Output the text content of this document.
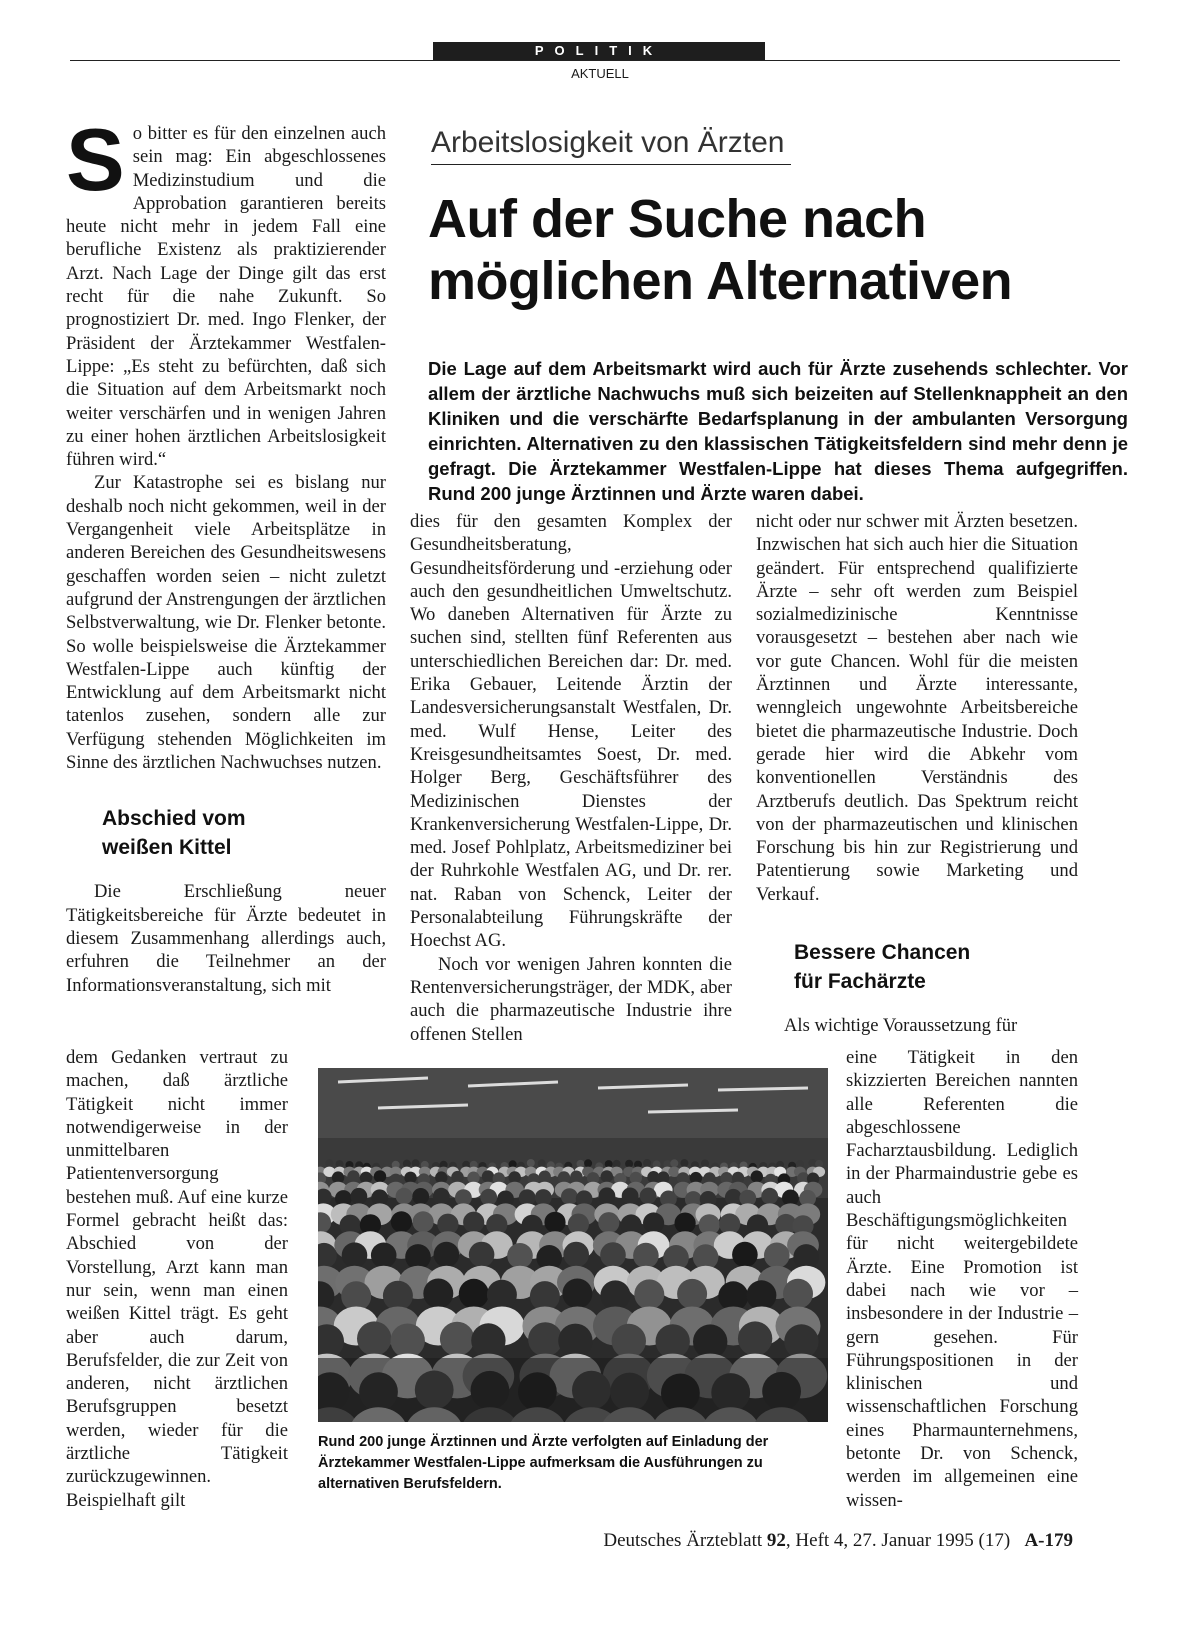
POLITIK
AKTUELL
Arbeitslosigkeit von Ärzten
Auf der Suche nach möglichen Alternativen
Die Lage auf dem Arbeitsmarkt wird auch für Ärzte zusehends schlechter. Vor allem der ärztliche Nachwuchs muß sich beizeiten auf Stellenknappheit an den Kliniken und die verschärfte Bedarfsplanung in der ambulanten Versorgung einrichten. Alternativen zu den klassischen Tätigkeitsfeldern sind mehr denn je gefragt. Die Ärztekammer Westfalen-Lippe hat dieses Thema aufgegriffen. Rund 200 junge Ärztinnen und Ärzte waren dabei.

So bitter es für den einzelnen auch sein mag: Ein abgeschlossenes Medizinstudium und die Approbation garantieren bereits heute nicht mehr in jedem Fall eine berufliche Existenz als praktizierender Arzt. Nach Lage der Dinge gilt das erst recht für die nahe Zukunft. So prognostiziert Dr. med. Ingo Flenker, der Präsident der Ärztekammer Westfalen-Lippe: „Es steht zu befürchten, daß sich die Situation auf dem Arbeitsmarkt noch weiter verschärfen und in wenigen Jahren zu einer hohen ärztlichen Arbeitslosigkeit führen wird.“

Zur Katastrophe sei es bislang nur deshalb noch nicht gekommen, weil in der Vergangenheit viele Arbeitsplätze in anderen Bereichen des Gesundheitswesens geschaffen worden seien – nicht zuletzt aufgrund der Anstrengungen der ärztlichen Selbstverwaltung, wie Dr. Flenker betonte. So wolle beispielsweise die Ärztekammer Westfalen-Lippe auch künftig der Entwicklung auf dem Arbeitsmarkt nicht tatenlos zusehen, sondern alle zur Verfügung stehenden Möglichkeiten im Sinne des ärztlichen Nachwuchses nutzen.

Abschied vom
weißen Kittel

Die Erschließung neuer Tätigkeitsbereiche für Ärzte bedeutet in diesem Zusammenhang allerdings auch, erfuhren die Teilnehmer an der Informationsveranstaltung, sich mit

dem Gedanken vertraut zu machen, daß ärztliche Tätigkeit nicht immer notwendigerweise in der unmittelbaren Patientenversorgung bestehen muß. Auf eine kurze Formel gebracht heißt das: Abschied von der Vorstellung, Arzt kann man nur sein, wenn man einen weißen Kittel trägt. Es geht aber auch darum, Berufsfelder, die zur Zeit von anderen, nicht ärztlichen Berufsgruppen besetzt werden, wieder für die ärztliche Tätigkeit zurückzugewinnen. Beispielhaft gilt

dies für den gesamten Komplex der Gesundheitsberatung, Gesundheitsförderung und -erziehung oder auch den gesundheitlichen Umweltschutz. Wo daneben Alternativen für Ärzte zu suchen sind, stellten fünf Referenten aus unterschiedlichen Bereichen dar: Dr. med. Erika Gebauer, Leitende Ärztin der Landesversicherungsanstalt Westfalen, Dr. med. Wulf Hense, Leiter des Kreisgesundheitsamtes Soest, Dr. med. Holger Berg, Geschäftsführer des Medizinischen Dienstes der Krankenversicherung Westfalen-Lippe, Dr. med. Josef Pohlplatz, Arbeitsmediziner bei der Ruhrkohle Westfalen AG, und Dr. rer. nat. Raban von Schenck, Leiter der Personalabteilung Führungskräfte der Hoechst AG.

Noch vor wenigen Jahren konnten die Rentenversicherungsträger, der MDK, aber auch die pharmazeutische Industrie ihre offenen Stellen

nicht oder nur schwer mit Ärzten besetzen. Inzwischen hat sich auch hier die Situation geändert. Für entsprechend qualifizierte Ärzte – sehr oft werden zum Beispiel sozialmedizinische Kenntnisse vorausgesetzt – bestehen aber nach wie vor gute Chancen. Wohl für die meisten Ärztinnen und Ärzte interessante, wenngleich ungewohnte Arbeitsbereiche bietet die pharmazeutische Industrie. Doch gerade hier wird die Abkehr vom konventionellen Verständnis des Arztberufs deutlich. Das Spektrum reicht von der pharmazeutischen und klinischen Forschung bis hin zur Registrierung und Patentierung sowie Marketing und Verkauf.

Bessere Chancen
für Fachärzte

Als wichtige Voraussetzung für

eine Tätigkeit in den skizzierten Bereichen nannten alle Referenten die abgeschlossene Facharztausbildung. Lediglich in der Pharmaindustrie gebe es auch Beschäftigungsmöglichkeiten für nicht weitergebildete Ärzte. Eine Promotion ist dabei nach wie vor – insbesondere in der Industrie – gern gesehen. Für Führungspositionen in der klinischen und wissenschaftlichen Forschung eines Pharmaunternehmens, betonte Dr. von Schenck, werden im allgemeinen eine wissen-

Rund 200 junge Ärztinnen und Ärzte verfolgten auf Einladung der Ärztekammer Westfalen-Lippe aufmerksam die Ausführungen zu alternativen Berufsfeldern.
Deutsches Ärzteblatt 92, Heft 4, 27. Januar 1995 (17) A-179
